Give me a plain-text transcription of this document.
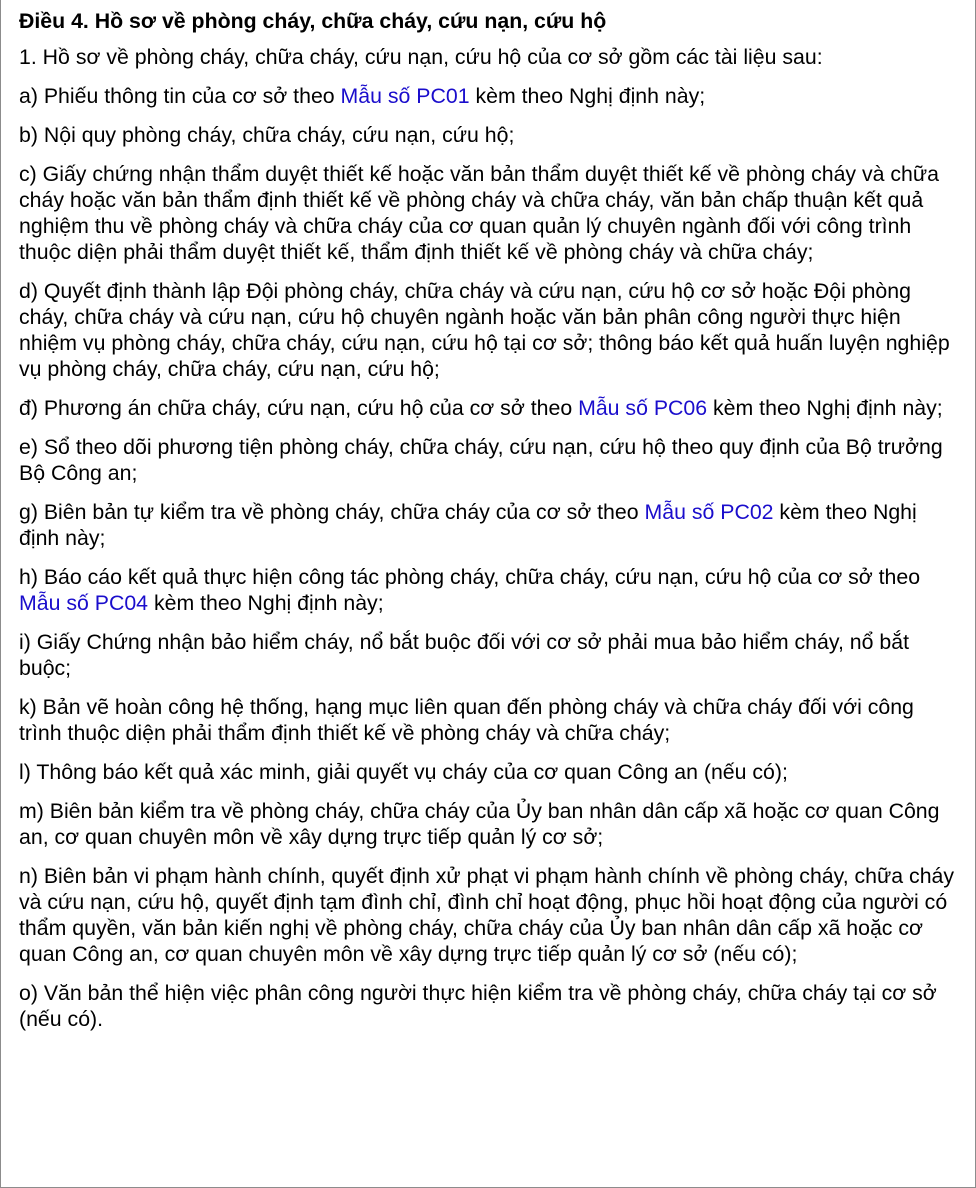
Điều 4. Hồ sơ về phòng cháy, chữa cháy, cứu nạn, cứu hộ
1. Hồ sơ về phòng cháy, chữa cháy, cứu nạn, cứu hộ của cơ sở gồm các tài liệu sau:
a) Phiếu thông tin của cơ sở theo Mẫu số PC01 kèm theo Nghị định này;
b) Nội quy phòng cháy, chữa cháy, cứu nạn, cứu hộ;
c) Giấy chứng nhận thẩm duyệt thiết kế hoặc văn bản thẩm duyệt thiết kế về phòng cháy và chữa cháy hoặc văn bản thẩm định thiết kế về phòng cháy và chữa cháy, văn bản chấp thuận kết quả nghiệm thu về phòng cháy và chữa cháy của cơ quan quản lý chuyên ngành đối với công trình thuộc diện phải thẩm duyệt thiết kế, thẩm định thiết kế về phòng cháy và chữa cháy;
d) Quyết định thành lập Đội phòng cháy, chữa cháy và cứu nạn, cứu hộ cơ sở hoặc Đội phòng cháy, chữa cháy và cứu nạn, cứu hộ chuyên ngành hoặc văn bản phân công người thực hiện nhiệm vụ phòng cháy, chữa cháy, cứu nạn, cứu hộ tại cơ sở; thông báo kết quả huấn luyện nghiệp vụ phòng cháy, chữa cháy, cứu nạn, cứu hộ;
đ) Phương án chữa cháy, cứu nạn, cứu hộ của cơ sở theo Mẫu số PC06 kèm theo Nghị định này;
e) Sổ theo dõi phương tiện phòng cháy, chữa cháy, cứu nạn, cứu hộ theo quy định của Bộ trưởng Bộ Công an;
g) Biên bản tự kiểm tra về phòng cháy, chữa cháy của cơ sở theo Mẫu số PC02 kèm theo Nghị định này;
h) Báo cáo kết quả thực hiện công tác phòng cháy, chữa cháy, cứu nạn, cứu hộ của cơ sở theo Mẫu số PC04 kèm theo Nghị định này;
i) Giấy Chứng nhận bảo hiểm cháy, nổ bắt buộc đối với cơ sở phải mua bảo hiểm cháy, nổ bắt buộc;
k) Bản vẽ hoàn công hệ thống, hạng mục liên quan đến phòng cháy và chữa cháy đối với công trình thuộc diện phải thẩm định thiết kế về phòng cháy và chữa cháy;
l) Thông báo kết quả xác minh, giải quyết vụ cháy của cơ quan Công an (nếu có);
m) Biên bản kiểm tra về phòng cháy, chữa cháy của Ủy ban nhân dân cấp xã hoặc cơ quan Công an, cơ quan chuyên môn về xây dựng trực tiếp quản lý cơ sở;
n) Biên bản vi phạm hành chính, quyết định xử phạt vi phạm hành chính về phòng cháy, chữa cháy và cứu nạn, cứu hộ, quyết định tạm đình chỉ, đình chỉ hoạt động, phục hồi hoạt động của người có thẩm quyền, văn bản kiến nghị về phòng cháy, chữa cháy của Ủy ban nhân dân cấp xã hoặc cơ quan Công an, cơ quan chuyên môn về xây dựng trực tiếp quản lý cơ sở (nếu có);
o) Văn bản thể hiện việc phân công người thực hiện kiểm tra về phòng cháy, chữa cháy tại cơ sở (nếu có).
